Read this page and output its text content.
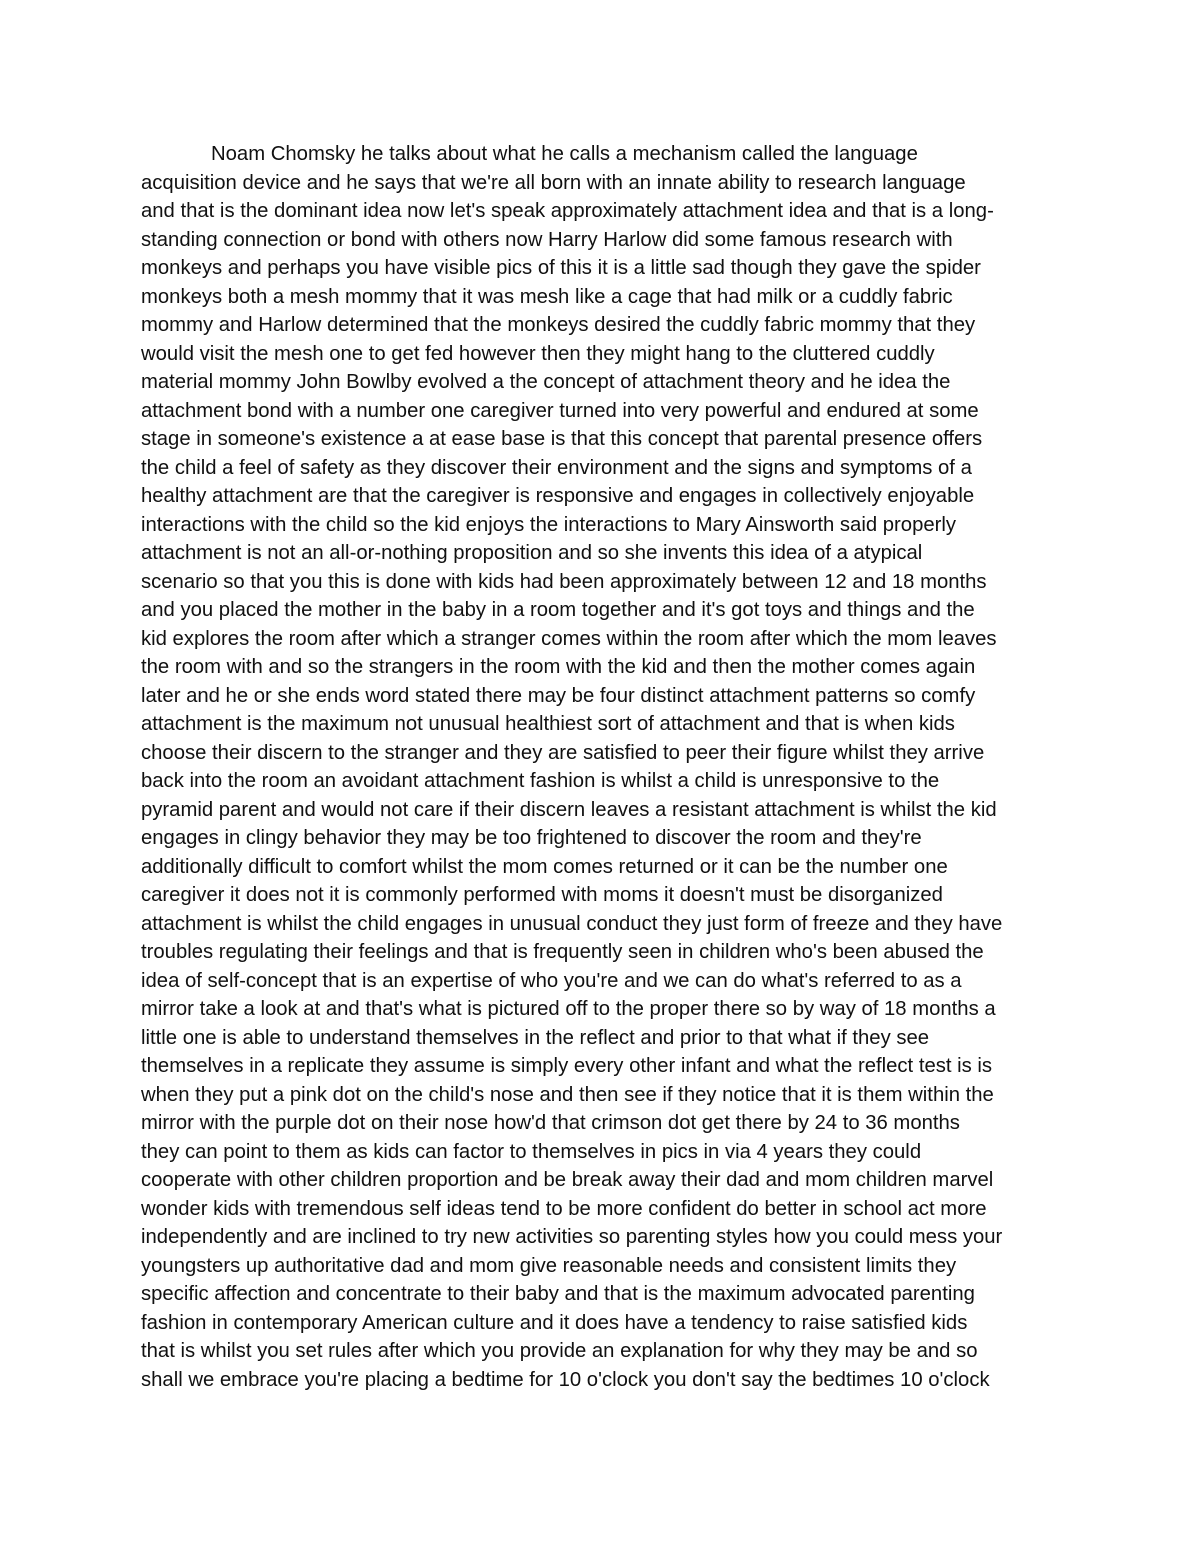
Noam Chomsky he talks about what he calls a mechanism called the language
acquisition device and he says that we're all born with an innate ability to research language
and that is the dominant idea now let's speak approximately attachment idea and that is a long-
standing connection or bond with others now Harry Harlow did some famous research with
monkeys and perhaps you have visible pics of this it is a little sad though they gave the spider
monkeys both a mesh mommy that it was mesh like a cage that had milk or a cuddly fabric
mommy and Harlow determined that the monkeys desired the cuddly fabric mommy that they
would visit the mesh one to get fed however then they might hang to the cluttered cuddly
material mommy John Bowlby evolved a the concept of attachment theory and he idea the
attachment bond with a number one caregiver turned into very powerful and endured at some
stage in someone's existence a at ease base is that this concept that parental presence offers
the child a feel of safety as they discover their environment and the signs and symptoms of a
healthy attachment are that the caregiver is responsive and engages in collectively enjoyable
interactions with the child so the kid enjoys the interactions to Mary Ainsworth said properly
attachment is not an all-or-nothing proposition and so she invents this idea of a atypical
scenario so that you this is done with kids had been approximately between 12 and 18 months
and you placed the mother in the baby in a room together and it's got toys and things and the
kid explores the room after which a stranger comes within the room after which the mom leaves
the room with and so the strangers in the room with the kid and then the mother comes again
later and he or she ends word stated there may be four distinct attachment patterns so comfy
attachment is the maximum not unusual healthiest sort of attachment and that is when kids
choose their discern to the stranger and they are satisfied to peer their figure whilst they arrive
back into the room an avoidant attachment fashion is whilst a child is unresponsive to the
pyramid parent and would not care if their discern leaves a resistant attachment is whilst the kid
engages in clingy behavior they may be too frightened to discover the room and they're
additionally difficult to comfort whilst the mom comes returned or it can be the number one
caregiver it does not it is commonly performed with moms it doesn't must be disorganized
attachment is whilst the child engages in unusual conduct they just form of freeze and they have
troubles regulating their feelings and that is frequently seen in children who's been abused the
idea of self-concept that is an expertise of who you're and we can do what's referred to as a
mirror take a look at and that's what is pictured off to the proper there so by way of 18 months a
little one is able to understand themselves in the reflect and prior to that what if they see
themselves in a replicate they assume is simply every other infant and what the reflect test is is
when they put a pink dot on the child's nose and then see if they notice that it is them within the
mirror with the purple dot on their nose how'd that crimson dot get there by 24 to 36 months
they can point to them as kids can factor to themselves in pics in via 4 years they could
cooperate with other children proportion and be break away their dad and mom children marvel
wonder kids with tremendous self ideas tend to be more confident do better in school act more
independently and are inclined to try new activities so parenting styles how you could mess your
youngsters up authoritative dad and mom give reasonable needs and consistent limits they
specific affection and concentrate to their baby and that is the maximum advocated parenting
fashion in contemporary American culture and it does have a tendency to raise satisfied kids
that is whilst you set rules after which you provide an explanation for why they may be and so
shall we embrace you're placing a bedtime for 10 o'clock you don't say the bedtimes 10 o'clock
